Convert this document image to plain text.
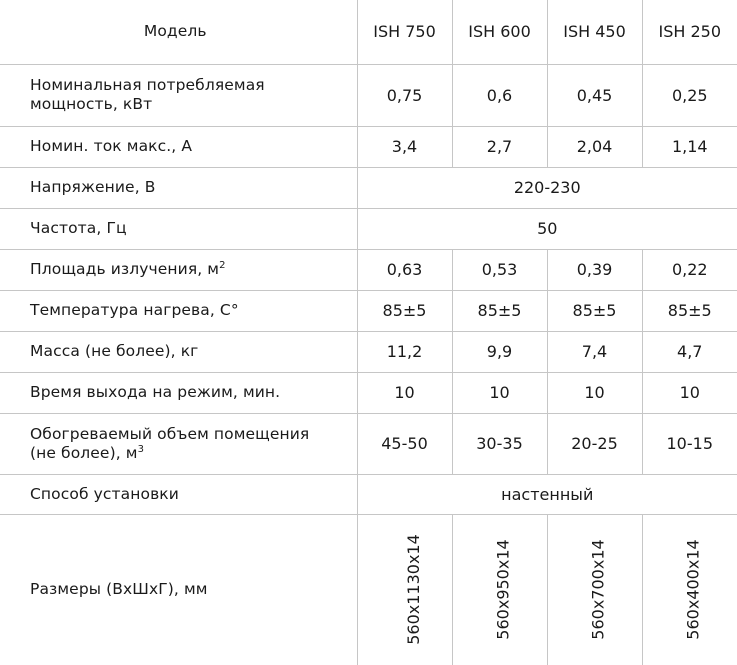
Модель	ISH 750	ISH 600	ISH 450	ISH 250
Номинальная потребляемая мощность, кВт	0,75	0,6	0,45	0,25
Номин. ток макс., А	3,4	2,7	2,04	1,14
Напряжение, В	220-230			
Частота, Гц	50			
Площадь излучения, $м^2$	0,63	0,53	0,39	0,22
Температура нагрева, С°	85±5	85±5	85±5	85±5
Масса (не более), кг	11,2	9,9	7,4	4,7
Время выхода на режим, мин.	10	10	10	10
Обогреваемый объем помещения
(не более), $м^3$	45-50	30-35	20-25	10-15
Способ установки	настенный			
Размеры (ВхШхГ), мм	560х1130х14	560х950х14	560х700х14	560х400х14
